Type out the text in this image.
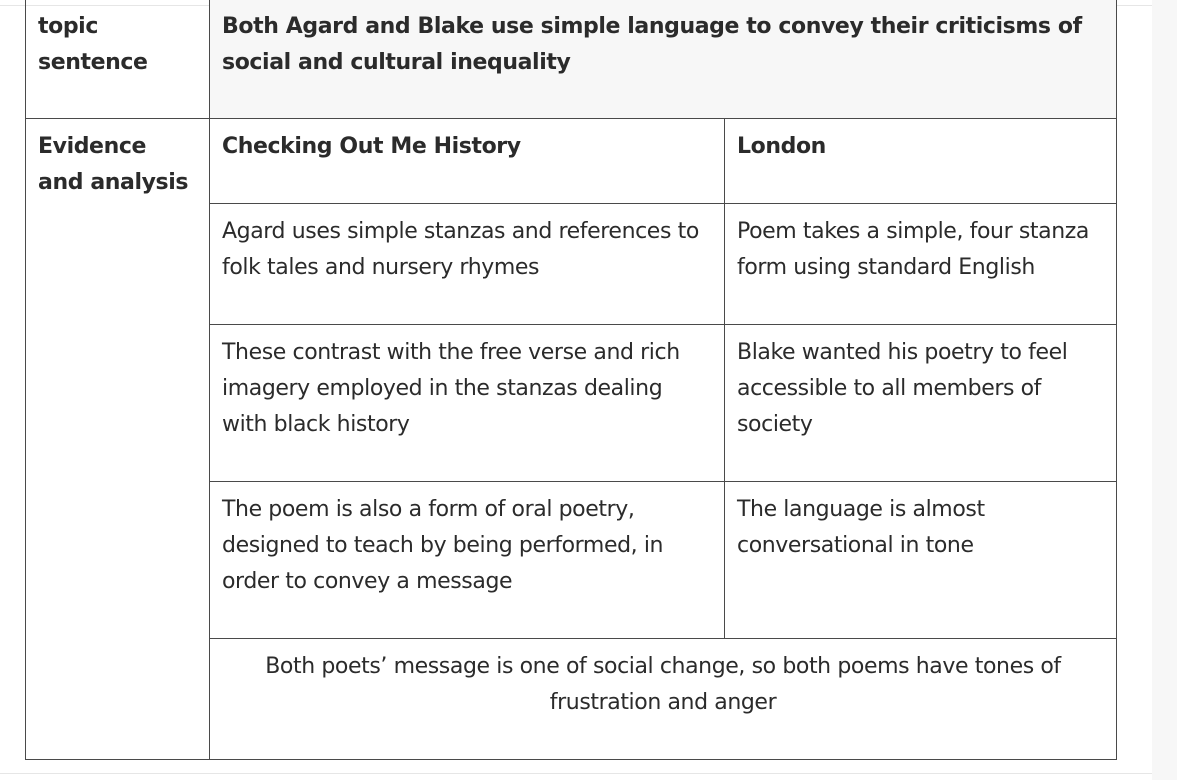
topic sentence	Both Agard and Blake use simple language to convey their criticisms of social and cultural inequality	
Evidence and analysis	Checking Out Me History	London
	Agard uses simple stanzas and references to folk tales and nursery rhymes	Poem takes a simple, four stanza form using standard English
	These contrast with the free verse and rich imagery employed in the stanzas dealing with black history	Blake wanted his poetry to feel accessible to all members of society
	The poem is also a form of oral poetry, designed to teach by being performed, in order to convey a message	The language is almost conversational in tone
	Both poets’ message is one of social change, so both poems have tones of frustration and anger	
